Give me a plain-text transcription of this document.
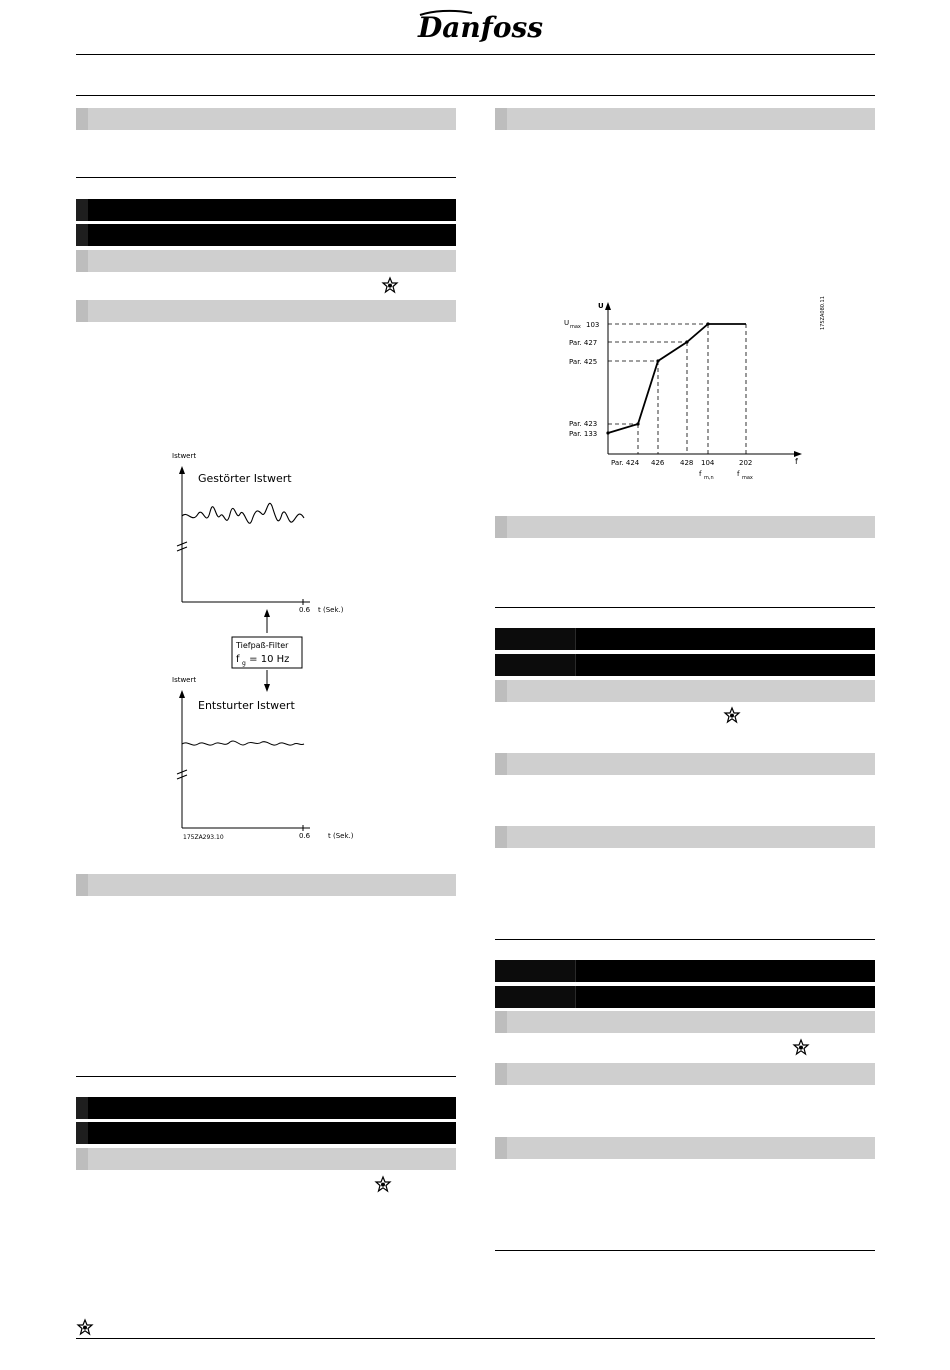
Danfoss
Istwert
Gestörter Istwert
0.6 t (Sek.)
Tiefpaß-Filter
f g = 10 Hz
Istwert
Entsturter Istwert
175ZA293.10	0.6	t (Sek.)
U
f
175ZA080.11
U max 103
Par. 427
Par. 425
Par. 423
Par. 133
Par. 424 426 428 104	202
f m,n	f max
